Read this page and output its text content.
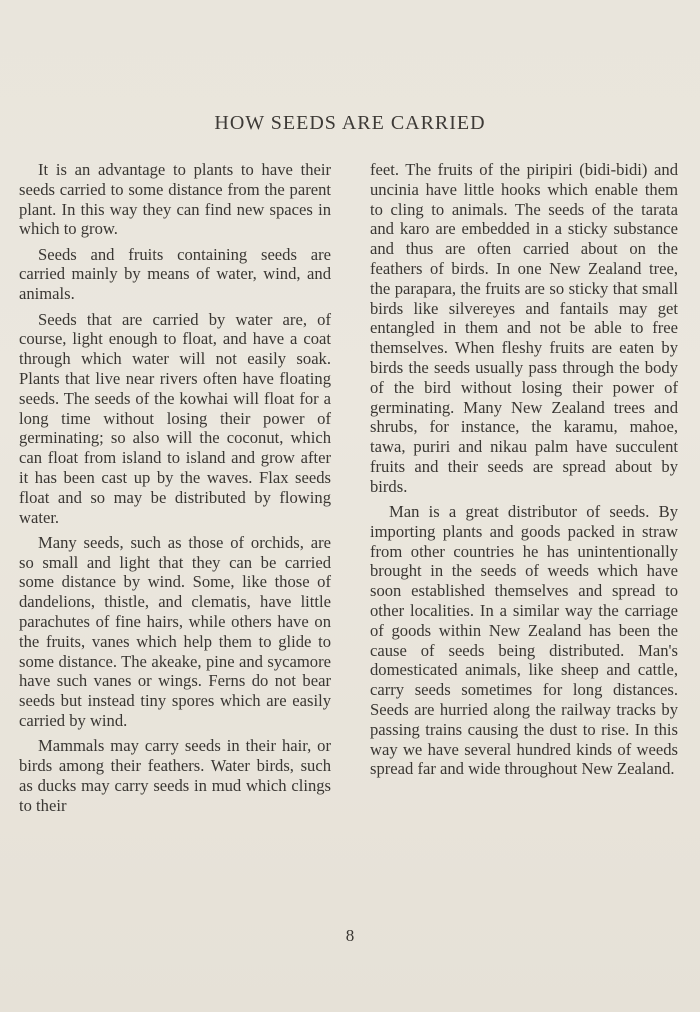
HOW SEEDS ARE CARRIED

It is an advantage to plants to have their seeds carried to some distance from the parent plant. In this way they can find new spaces in which to grow.

Seeds and fruits containing seeds are carried mainly by means of water, wind, and animals.

Seeds that are carried by water are, of course, light enough to float, and have a coat through which water will not easily soak. Plants that live near rivers often have floating seeds. The seeds of the kowhai will float for a long time without losing their power of germinating; so also will the coconut, which can float from island to island and grow after it has been cast up by the waves. Flax seeds float and so may be distributed by flowing water.

Many seeds, such as those of orchids, are so small and light that they can be carried some distance by wind. Some, like those of dandelions, thistle, and clematis, have little parachutes of fine hairs, while others have on the fruits, vanes which help them to glide to some distance. The akeake, pine and sycamore have such vanes or wings. Ferns do not bear seeds but instead tiny spores which are easily carried by wind.

Mammals may carry seeds in their hair, or birds among their feathers. Water birds, such as ducks may carry seeds in mud which clings to their

feet. The fruits of the piripiri (bidi-bidi) and uncinia have little hooks which enable them to cling to animals. The seeds of the tarata and karo are embedded in a sticky substance and thus are often carried about on the feathers of birds. In one New Zealand tree, the parapara, the fruits are so sticky that small birds like silvereyes and fantails may get entangled in them and not be able to free themselves. When fleshy fruits are eaten by birds the seeds usually pass through the body of the bird without losing their power of germinating. Many New Zealand trees and shrubs, for instance, the karamu, mahoe, tawa, puriri and nikau palm have succulent fruits and their seeds are spread about by birds.

Man is a great distributor of seeds. By importing plants and goods packed in straw from other countries he has unintentionally brought in the seeds of weeds which have soon established themselves and spread to other localities. In a similar way the carriage of goods within New Zealand has been the cause of seeds being distributed. Man's domesticated animals, like sheep and cattle, carry seeds sometimes for long distances. Seeds are hurried along the railway tracks by passing trains causing the dust to rise. In this way we have several hundred kinds of weeds spread far and wide throughout New Zealand.

8
